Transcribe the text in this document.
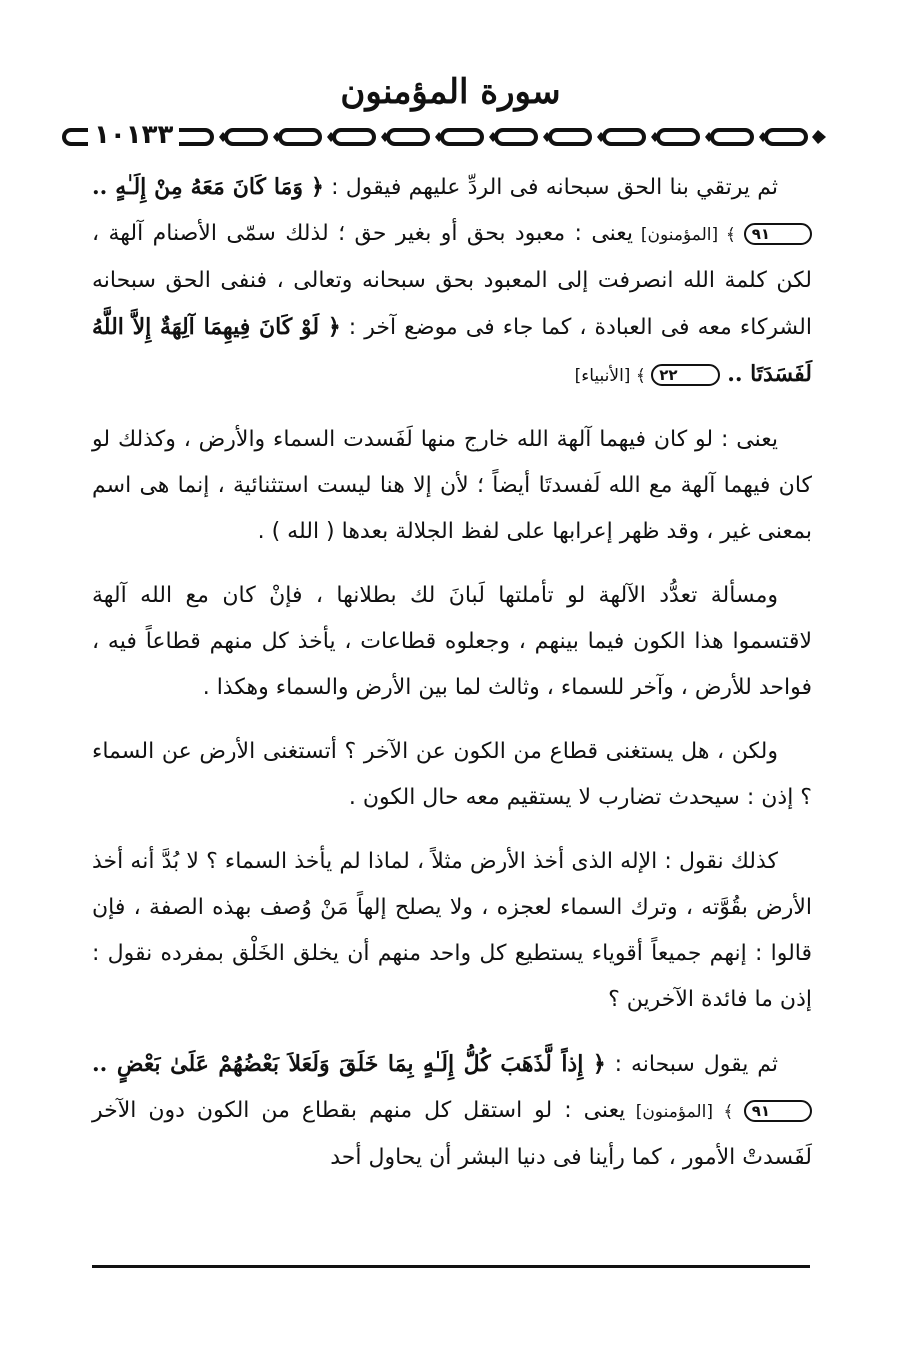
سورة المؤمنون
١٠١٣٣

ثم يرتقي بنا الحق سبحانه فى الردِّ عليهم فيقول : ﴿ وَمَا كَانَ مَعَهُ مِنْ إِلَـٰهٍ .. ٩١ ﴾ [المؤمنون] يعنى : معبود بحق أو بغير حق ؛ لذلك سمّى الأصنام آلهة ، لكن كلمة الله انصرفت إلى المعبود بحق سبحانه وتعالى ، فنفى الحق سبحانه الشركاء معه فى العبادة ، كما جاء فى موضع آخر : ﴿ لَوْ كَانَ فِيهِمَا آلِهَةٌ إِلاَّ اللَّهُ لَفَسَدَتَا .. ٢٢ ﴾ [الأنبياء]

يعنى : لو كان فيهما آلهة الله خارج منها لَفَسدت السماء والأرض ، وكذلك لو كان فيهما آلهة مع الله لَفسدتَا أيضاً ؛ لأن إلا هنا ليست استثنائية ، إنما هى اسم بمعنى غير ، وقد ظهر إعرابها على لفظ الجلالة بعدها ( الله ) .

ومسألة تعدُّد الآلهة لو تأملتها لَبانَ لك بطلانها ، فإنْ كان مع الله آلهة لاقتسموا هذا الكون فيما بينهم ، وجعلوه قطاعات ، يأخذ كل منهم قطاعاً فيه ، فواحد للأرض ، وآخر للسماء ، وثالث لما بين الأرض والسماء وهكذا .

ولكن ، هل يستغنى قطاع من الكون عن الآخر ؟ أتستغنى الأرض عن السماء ؟ إذن : سيحدث تضارب لا يستقيم معه حال الكون .

كذلك نقول : الإله الذى أخذ الأرض مثلاً ، لماذا لم يأخذ السماء ؟ لا بُدَّ أنه أخذ الأرض بقُوَّته ، وترك السماء لعجزه ، ولا يصلح إلهاً مَنْ وُصف بهذه الصفة ، فإن قالوا : إنهم جميعاً أقوياء يستطيع كل واحد منهم أن يخلق الخَلْق بمفرده نقول : إذن ما فائدة الآخرين ؟

ثم يقول سبحانه : ﴿ إِذاً لَّذَهَبَ كُلُّ إِلَـٰهٍ بِمَا خَلَقَ وَلَعَلاَ بَعْضُهُمْ عَلَىٰ بَعْضٍ .. ٩١ ﴾ [المؤمنون] يعنى : لو استقل كل منهم بقطاع من الكون دون الآخر لَفَسدتْ الأمور ، كما رأينا فى دنيا البشر أن يحاول أحد
